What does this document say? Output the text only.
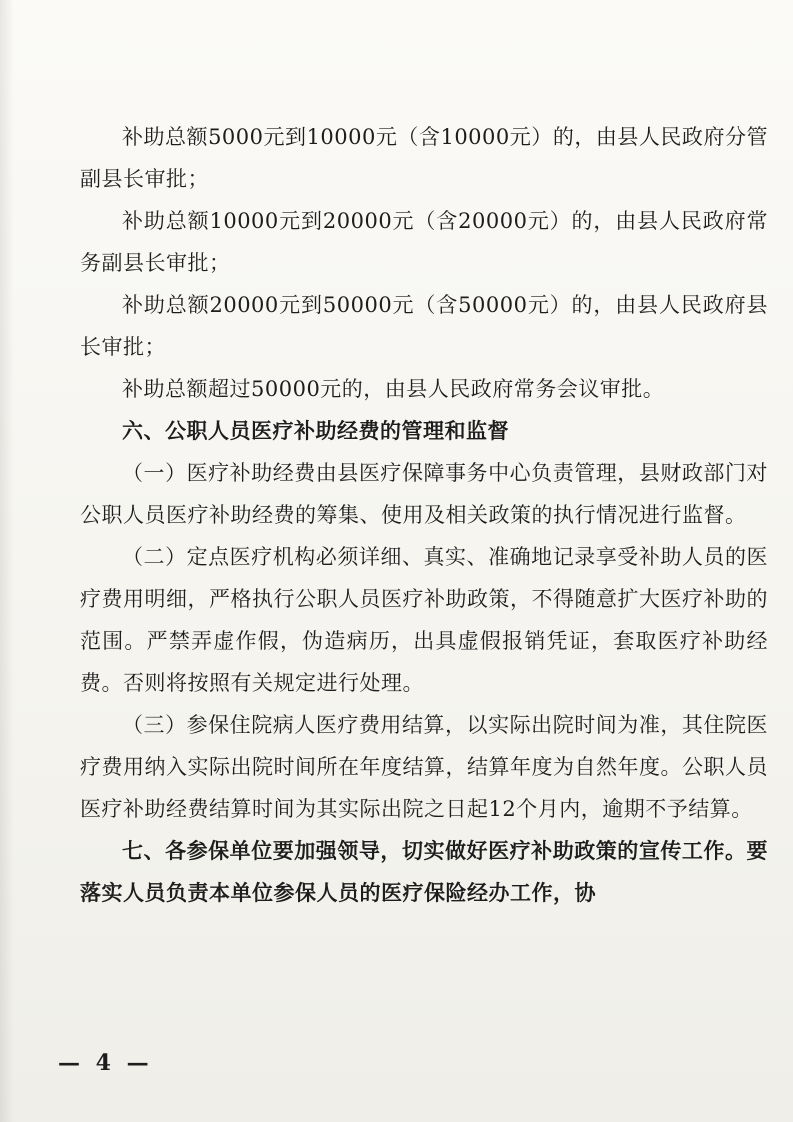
补助总额5000元到10000元（含10000元）的，由县人民政府分管副县长审批；

补助总额10000元到20000元（含20000元）的，由县人民政府常务副县长审批；

补助总额20000元到50000元（含50000元）的，由县人民政府县长审批；

补助总额超过50000元的，由县人民政府常务会议审批。

六、公职人员医疗补助经费的管理和监督

（一）医疗补助经费由县医疗保障事务中心负责管理，县财政部门对公职人员医疗补助经费的筹集、使用及相关政策的执行情况进行监督。

（二）定点医疗机构必须详细、真实、准确地记录享受补助人员的医疗费用明细，严格执行公职人员医疗补助政策，不得随意扩大医疗补助的范围。严禁弄虚作假，伪造病历，出具虚假报销凭证，套取医疗补助经费。否则将按照有关规定进行处理。

（三）参保住院病人医疗费用结算，以实际出院时间为准，其住院医疗费用纳入实际出院时间所在年度结算，结算年度为自然年度。公职人员医疗补助经费结算时间为其实际出院之日起12个月内，逾期不予结算。

七、各参保单位要加强领导，切实做好医疗补助政策的宣传工作。要落实人员负责本单位参保人员的医疗保险经办工作，协

— 4 —
